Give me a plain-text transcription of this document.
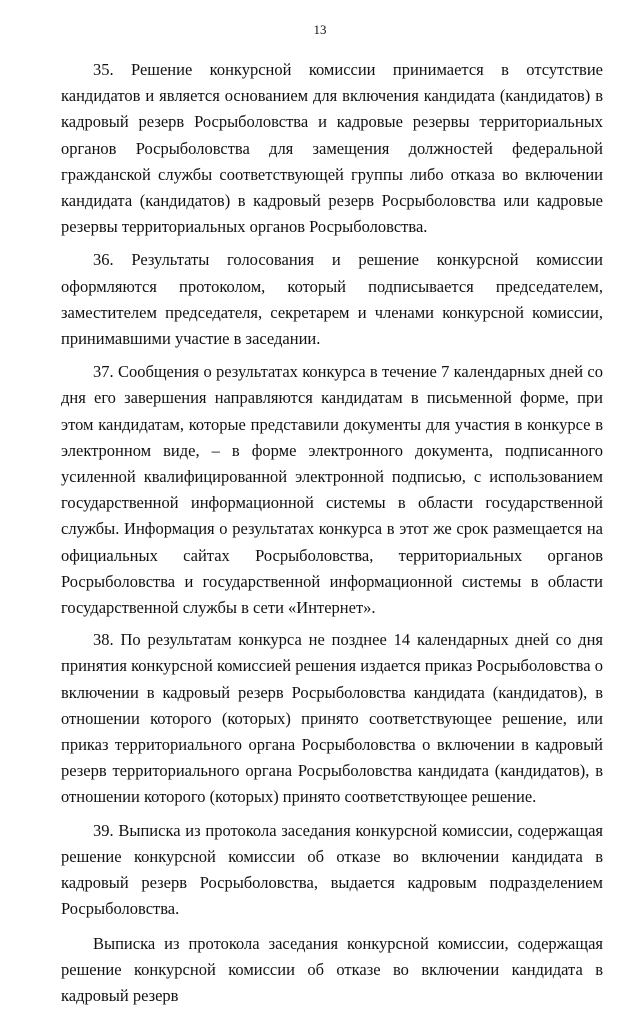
13

35. Решение конкурсной комиссии принимается в отсутствие кандидатов и является основанием для включения кандидата (кандидатов) в кадровый резерв Росрыболовства и кадровые резервы территориальных органов Росрыболовства для замещения должностей федеральной гражданской службы соответствующей группы либо отказа во включении кандидата (кандидатов) в кадровый резерв Росрыболовства или кадровые резервы территориальных органов Росрыболовства.

36. Результаты голосования и решение конкурсной комиссии оформляются протоколом, который подписывается председателем, заместителем председателя, секретарем и членами конкурсной комиссии, принимавшими участие в заседании.

37. Сообщения о результатах конкурса в течение 7 календарных дней со дня его завершения направляются кандидатам в письменной форме, при этом кандидатам, которые представили документы для участия в конкурсе в электронном виде, – в форме электронного документа, подписанного усиленной квалифицированной электронной подписью, с использованием государственной информационной системы в области государственной службы. Информация о результатах конкурса в этот же срок размещается на официальных сайтах Росрыболовства, территориальных органов Росрыболовства и государственной информационной системы в области государственной службы в сети «Интернет».

38. По результатам конкурса не позднее 14 календарных дней со дня принятия конкурсной комиссией решения издается приказ Росрыболовства о включении в кадровый резерв Росрыболовства кандидата (кандидатов), в отношении которого (которых) принято соответствующее решение, или приказ территориального органа Росрыболовства о включении в кадровый резерв территориального органа Росрыболовства кандидата (кандидатов), в отношении которого (которых) принято соответствующее решение.

39. Выписка из протокола заседания конкурсной комиссии, содержащая решение конкурсной комиссии об отказе во включении кандидата в кадровый резерв Росрыболовства, выдается кадровым подразделением Росрыболовства.

Выписка из протокола заседания конкурсной комиссии, содержащая решение конкурсной комиссии об отказе во включении кандидата в кадровый резерв
